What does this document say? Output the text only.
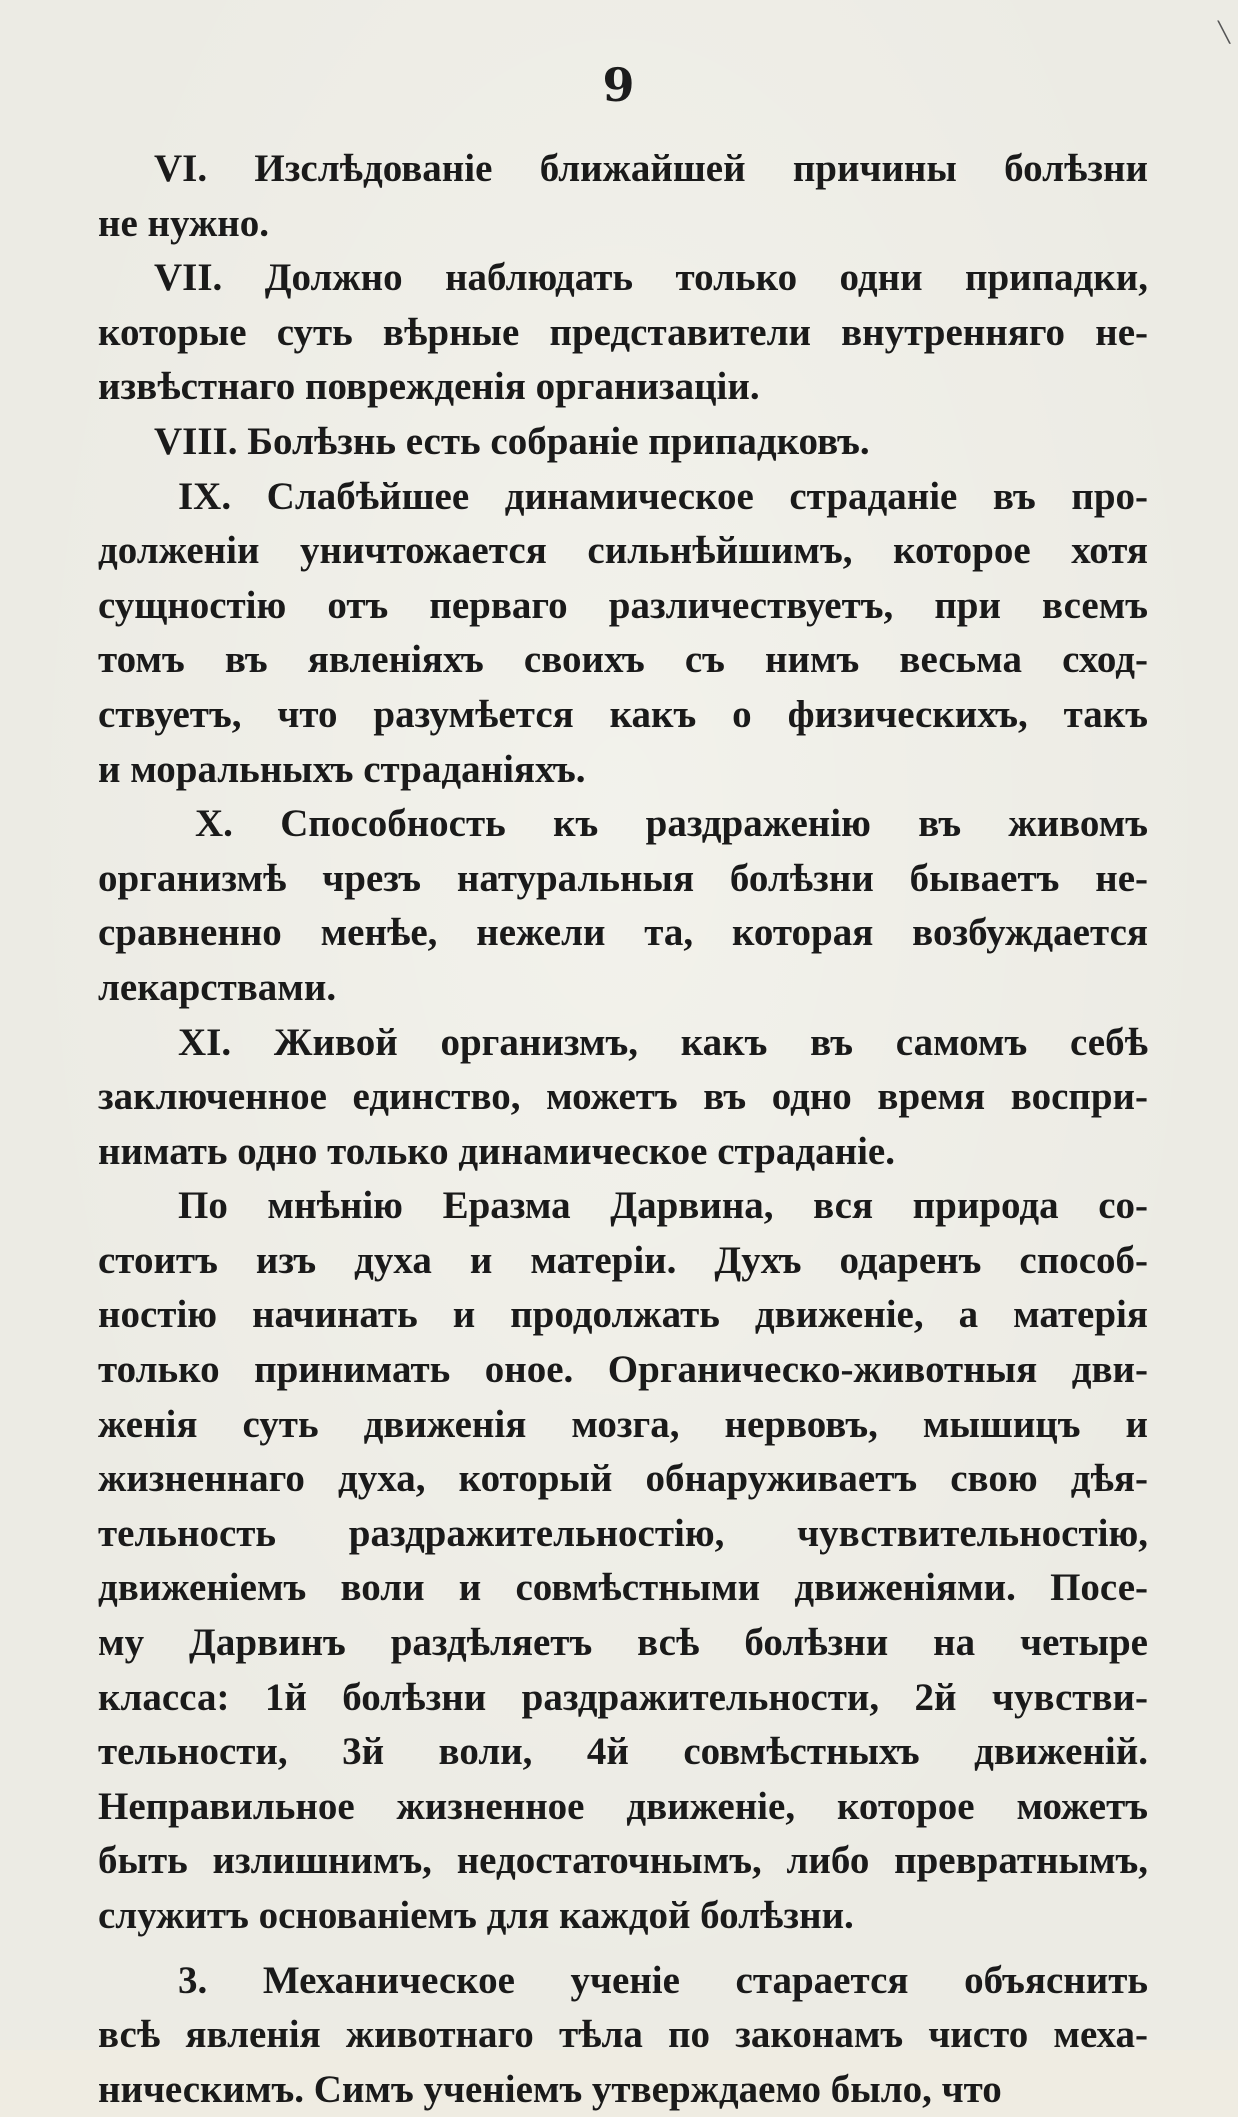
9

VI. Изслѣдованіе ближайшей причины болѣзни

не нужно.

VII. Должно наблюдать только одни припадки,

которые суть вѣрные представители внутренняго не-

извѣстнаго поврежденія организаціи.

VIII. Болѣзнь есть собраніе припадковъ.

IX. Слабѣйшее динамическое страданіе въ про-

долженіи уничтожается сильнѣйшимъ, которое хотя

сущностію отъ перваго различествуетъ, при всемъ

томъ въ явленіяхъ своихъ съ нимъ весьма сход-

ствуетъ, что разумѣется какъ о физическихъ, такъ

и моральныхъ страданіяхъ.

X. Способность къ раздраженію въ живомъ

организмѣ чрезъ натуральныя болѣзни бываетъ не-

сравненно менѣе, нежели та, которая возбуждается

лекарствами.

XI. Живой организмъ, какъ въ самомъ себѣ

заключенное единство, можетъ въ одно время воспри-

нимать одно только динамическое страданіе.

По мнѣнію Еразма Дарвина, вся природа со-

стоитъ изъ духа и матеріи. Духъ одаренъ способ-

ностію начинать и продолжать движеніе, а матерія

только принимать оное. Органическо-животныя дви-

женія суть движенія мозга, нервовъ, мышицъ и

жизненнаго духа, который обнаруживаетъ свою дѣя-

тельность раздражительностію, чувствительностію,

движеніемъ воли и совмѣстными движеніями. Посе-

му Дарвинъ раздѣляетъ всѣ болѣзни на четыре

класса: 1й болѣзни раздражительности, 2й чувстви-

тельности, 3й воли, 4й совмѣстныхъ движеній.

Неправильное жизненное движеніе, которое можетъ

быть излишнимъ, недостаточнымъ, либо превратнымъ,

служитъ основаніемъ для каждой болѣзни.

3. Механическое ученіе старается объяснить

всѣ явленія животнаго тѣла по законамъ чисто меха-

ническимъ. Симъ ученіемъ утверждаемо было, что

╲
